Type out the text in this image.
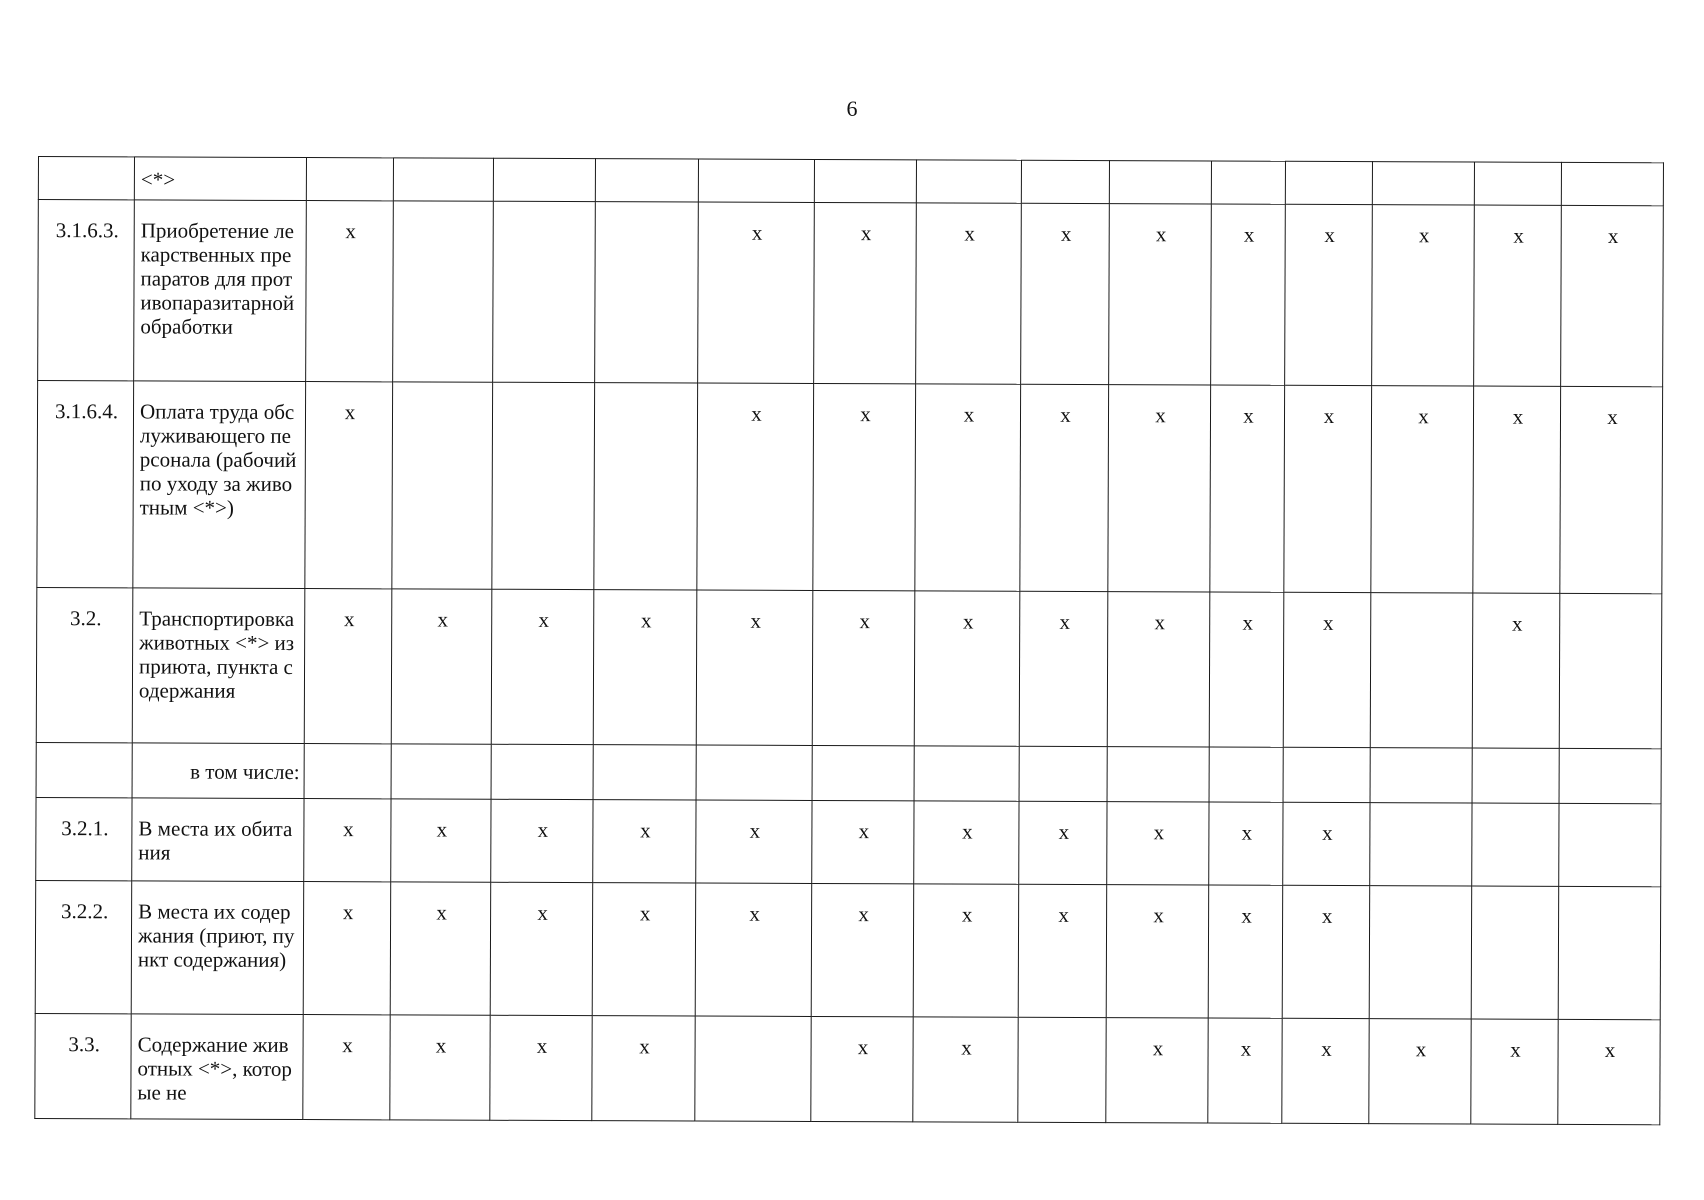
6
	<*>														
3.1.6.3.	Приобретение лекарственных препаратов для противопаразитарной обработки	x				x	x	x	x	x	x	x	x	x	x
3.1.6.4.	Оплата труда обслуживающего персонала (рабочий по уходу за животным <*>)	x				x	x	x	x	x	x	x	x	x	x
3.2.	Транспортировка животных <*> из приюта, пункта содержания	x	x	x	x	x	x	x	x	x	x	x		x	
	в том числе:														
3.2.1.	В места их обитания	x	x	x	x	x	x	x	x	x	x	x			
3.2.2.	В места их содержания (приют, пункт содержания)	x	x	x	x	x	x	x	x	x	x	x			
3.3.	Содержание животных <*>, которые не	x	x	x	x		x	x		x	x	x	x	x	x
